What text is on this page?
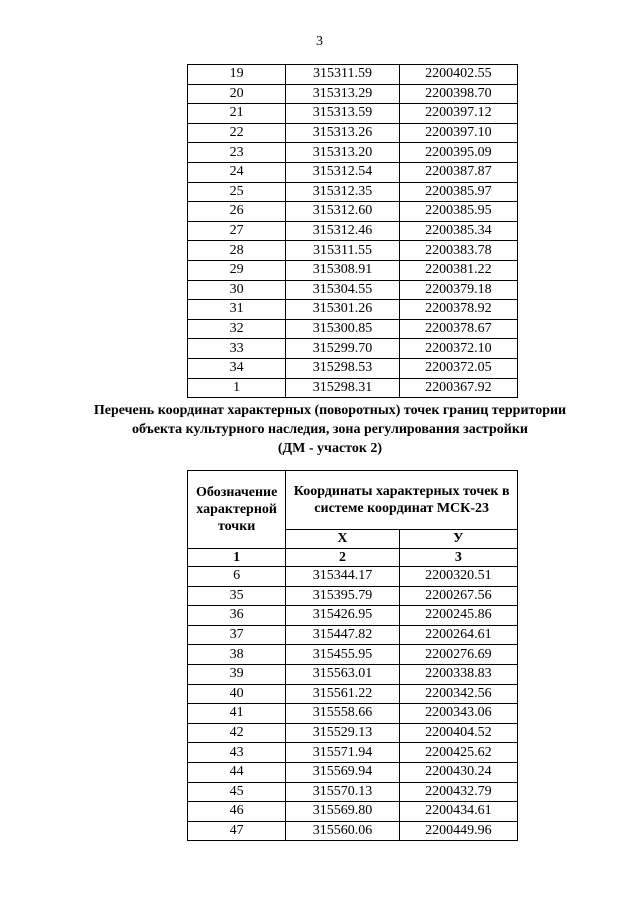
3
19	315311.59	2200402.55
20	315313.29	2200398.70
21	315313.59	2200397.12
22	315313.26	2200397.10
23	315313.20	2200395.09
24	315312.54	2200387.87
25	315312.35	2200385.97
26	315312.60	2200385.95
27	315312.46	2200385.34
28	315311.55	2200383.78
29	315308.91	2200381.22
30	315304.55	2200379.18
31	315301.26	2200378.92
32	315300.85	2200378.67
33	315299.70	2200372.10
34	315298.53	2200372.05
1	315298.31	2200367.92
Перечень координат характерных (поворотных) точек границ территории
объекта культурного наследия, зона регулирования застройки
(ДМ - участок 2)
Обозначение характерной точки	Координаты характерных точек в системе координат МСК-23	
	X	У
1	2	3
6	315344.17	2200320.51
35	315395.79	2200267.56
36	315426.95	2200245.86
37	315447.82	2200264.61
38	315455.95	2200276.69
39	315563.01	2200338.83
40	315561.22	2200342.56
41	315558.66	2200343.06
42	315529.13	2200404.52
43	315571.94	2200425.62
44	315569.94	2200430.24
45	315570.13	2200432.79
46	315569.80	2200434.61
47	315560.06	2200449.96
